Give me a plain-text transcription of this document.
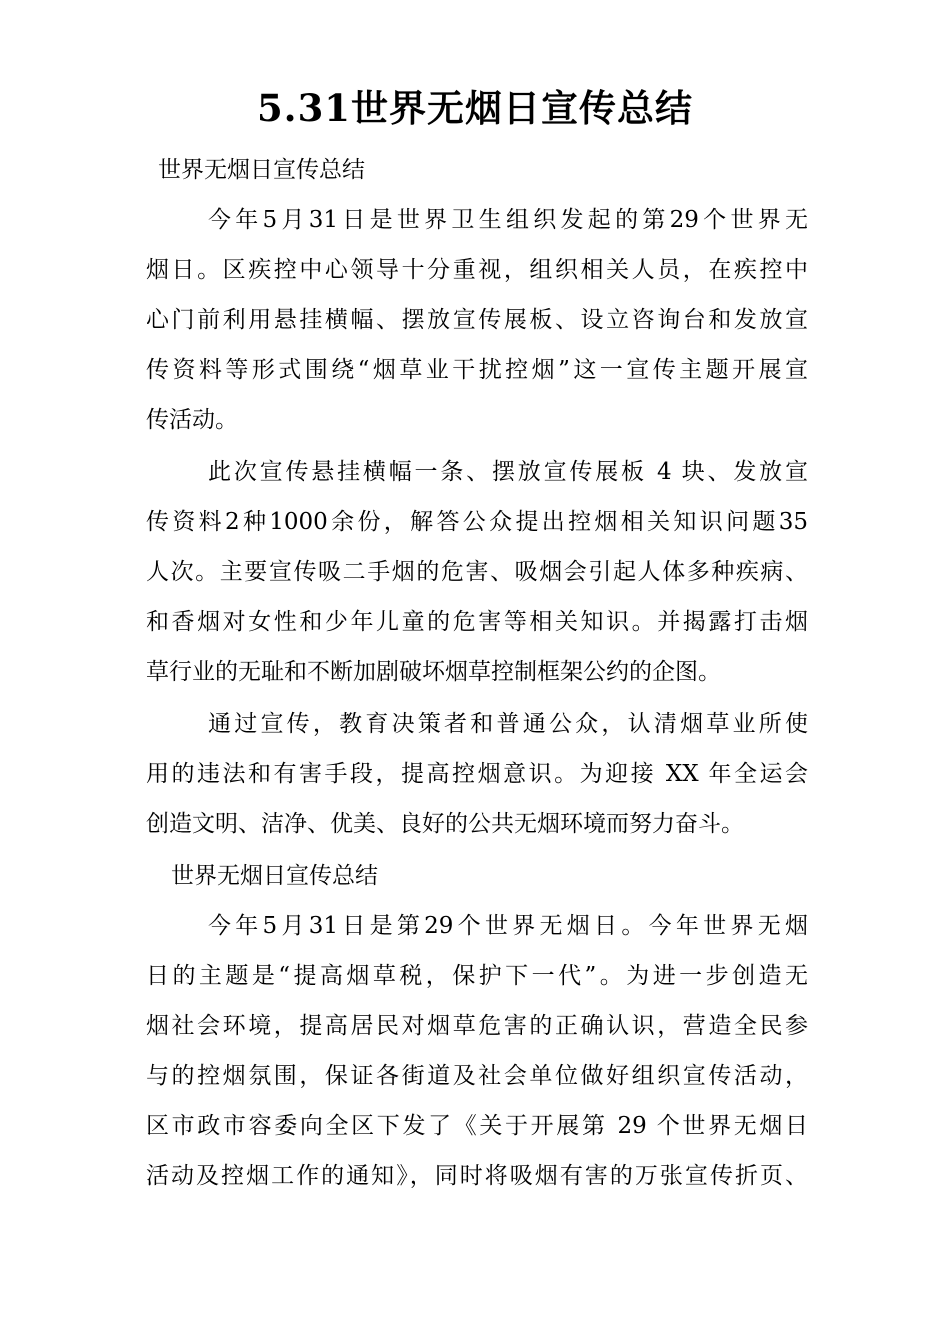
5.31世界无烟日宣传总结
世界无烟日宣传总结
今年5月31日是世界卫生组织发起的第29个世界无
烟日。区疾控中心领导十分重视，组织相关人员，在疾控中
心门前利用悬挂横幅、摆放宣传展板、设立咨询台和发放宣
传资料等形式围绕“烟草业干扰控烟”这一宣传主题开展宣
传活动。
此次宣传悬挂横幅一条、摆放宣传展板 4 块、发放宣
传资料2种1000余份，解答公众提出控烟相关知识问题35
人次。主要宣传吸二手烟的危害、吸烟会引起人体多种疾病、
和香烟对女性和少年儿童的危害等相关知识。并揭露打击烟
草行业的无耻和不断加剧破坏烟草控制框架公约的企图。
通过宣传，教育决策者和普通公众，认清烟草业所使
用的违法和有害手段，提高控烟意识。为迎接 XX 年全运会
创造文明、洁净、优美、良好的公共无烟环境而努力奋斗。
世界无烟日宣传总结
今年5月31日是第29个世界无烟日。今年世界无烟
日的主题是“提高烟草税，保护下一代”。为进一步创造无
烟社会环境，提高居民对烟草危害的正确认识，营造全民参
与的控烟氛围，保证各街道及社会单位做好组织宣传活动，
区市政市容委向全区下发了《关于开展第 29 个世界无烟日
活动及控烟工作的通知》，同时将吸烟有害的万张宣传折页、
